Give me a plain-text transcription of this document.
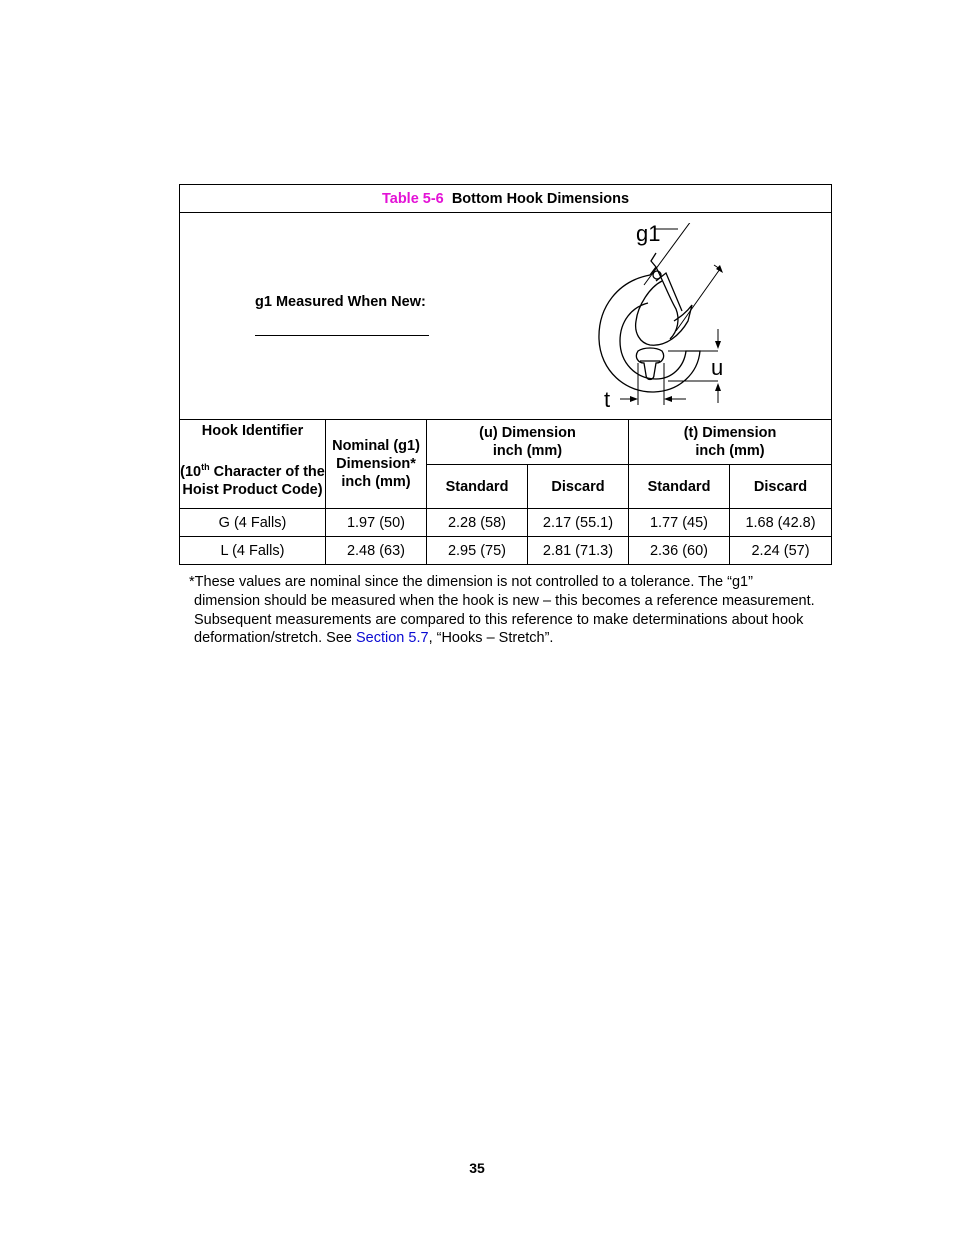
Table 5-6 Bottom Hook Dimensions					

g1 Measured When New:
g1
u
t					

Hook Identifier
(10th Character of the Hoist Product Code)	Nominal (g1) Dimension* inch (mm)	(u) Dimension inch (mm)		(t) Dimension inch (mm)	
		Standard	Discard	Standard	Discard
G (4 Falls)	1.97 (50)	2.28 (58)	2.17 (55.1)	1.77 (45)	1.68 (42.8)
L (4 Falls)	2.48 (63)	2.95 (75)	2.81 (71.3)	2.36 (60)	2.24 (57)
*These values are nominal since the dimension is not controlled to a tolerance. The “g1”
dimension should be measured when the hook is new – this becomes a reference measurement.
Subsequent measurements are compared to this reference to make determinations about hook
deformation/stretch. See Section 5.7, “Hooks – Stretch”.
35
